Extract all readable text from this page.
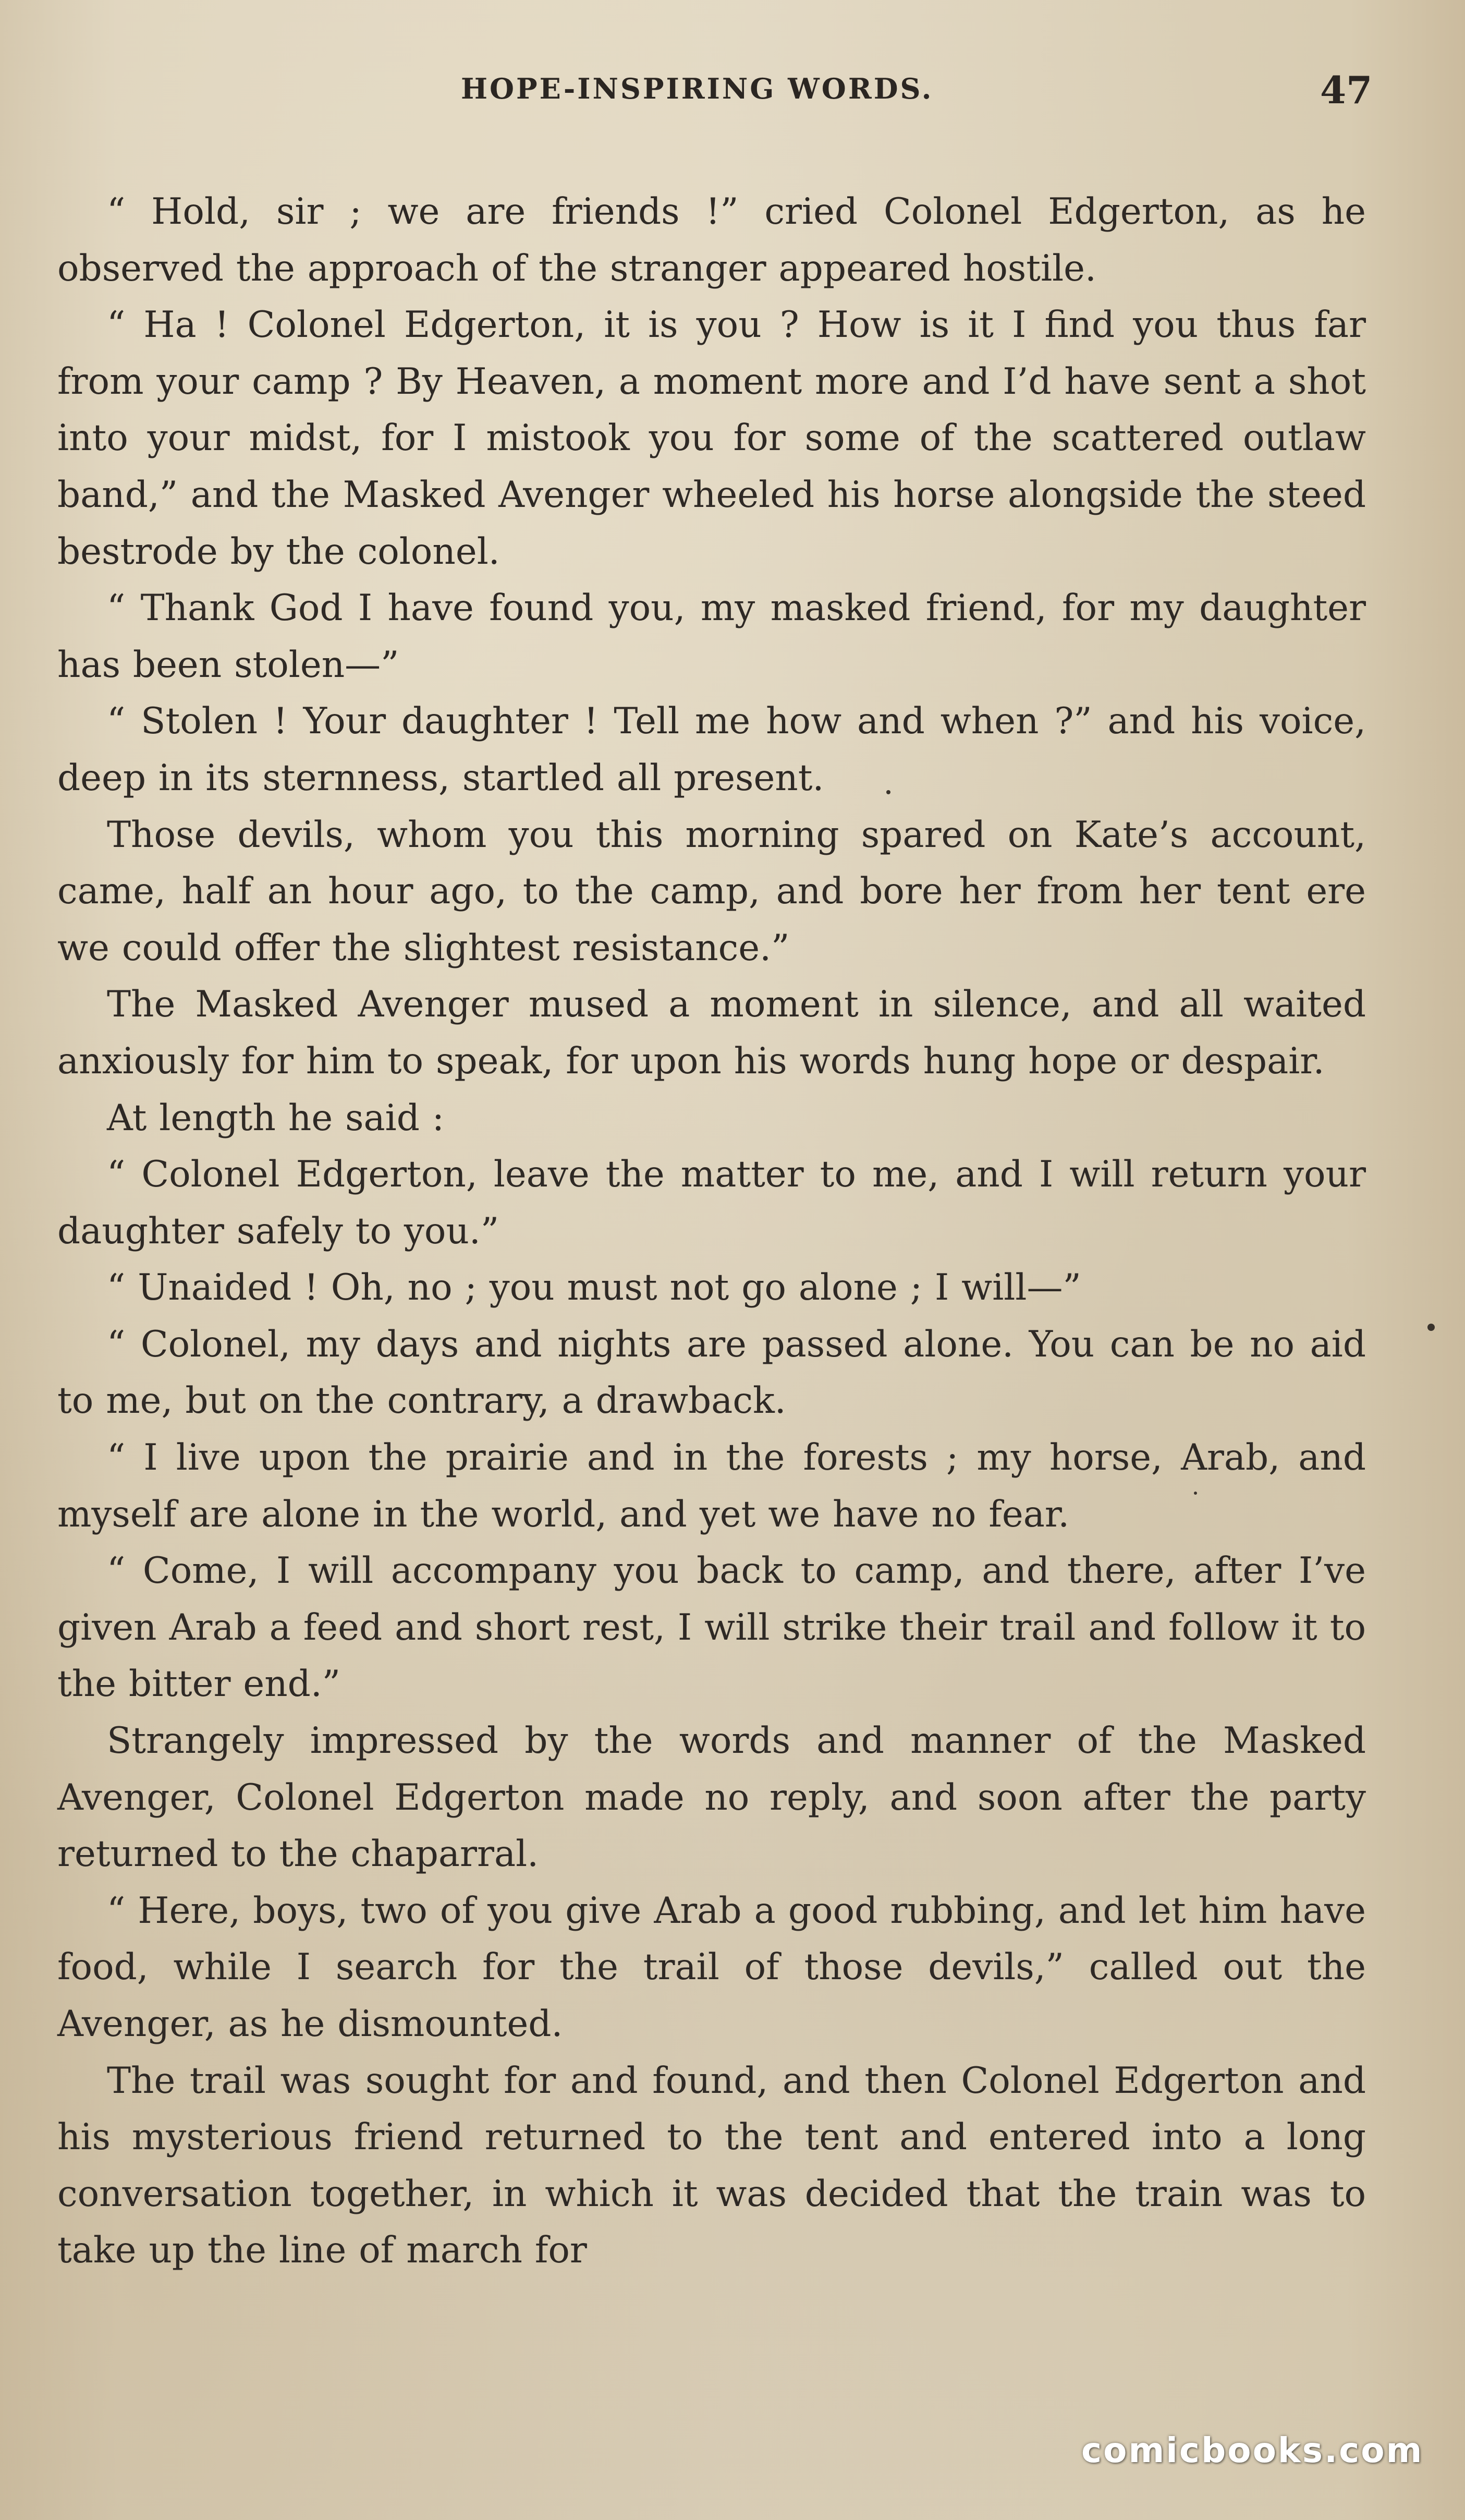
HOPE-INSPIRING WORDS.	47

“ Hold, sir ; we are friends !” cried Colonel Edgerton, as he observed the approach of the stranger appeared hostile.

“ Ha ! Colonel Edgerton, it is you ? How is it I find you thus far from your camp ? By Heaven, a moment more and I’d have sent a shot into your midst, for I mistook you for some of the scattered outlaw band,” and the Masked Avenger wheeled his horse alongside the steed bestrode by the colonel.

“ Thank God I have found you, my masked friend, for my daughter has been stolen—”

“ Stolen ! Your daughter ! Tell me how and when ?” and his voice, deep in its sternness, startled all present.

Those devils, whom you this morning spared on Kate’s account, came, half an hour ago, to the camp, and bore her from her tent ere we could offer the slightest resistance.”

The Masked Avenger mused a moment in silence, and all waited anxiously for him to speak, for upon his words hung hope or despair.

At length he said :

“ Colonel Edgerton, leave the matter to me, and I will return your daughter safely to you.”

“ Unaided ! Oh, no ; you must not go alone ; I will—”

“ Colonel, my days and nights are passed alone. You can be no aid to me, but on the contrary, a drawback.

“ I live upon the prairie and in the forests ; my horse, Arab, and myself are alone in the world, and yet we have no fear.

“ Come, I will accompany you back to camp, and there, after I’ve given Arab a feed and short rest, I will strike their trail and follow it to the bitter end.”

Strangely impressed by the words and manner of the Masked Avenger, Colonel Edgerton made no reply, and soon after the party returned to the chaparral.

“ Here, boys, two of you give Arab a good rubbing, and let him have food, while I search for the trail of those devils,” called out the Avenger, as he dismounted.

The trail was sought for and found, and then Colonel Edgerton and his mysterious friend returned to the tent and entered into a long conversation together, in which it was decided that the train was to take up the line of march for

comicbooks.com
